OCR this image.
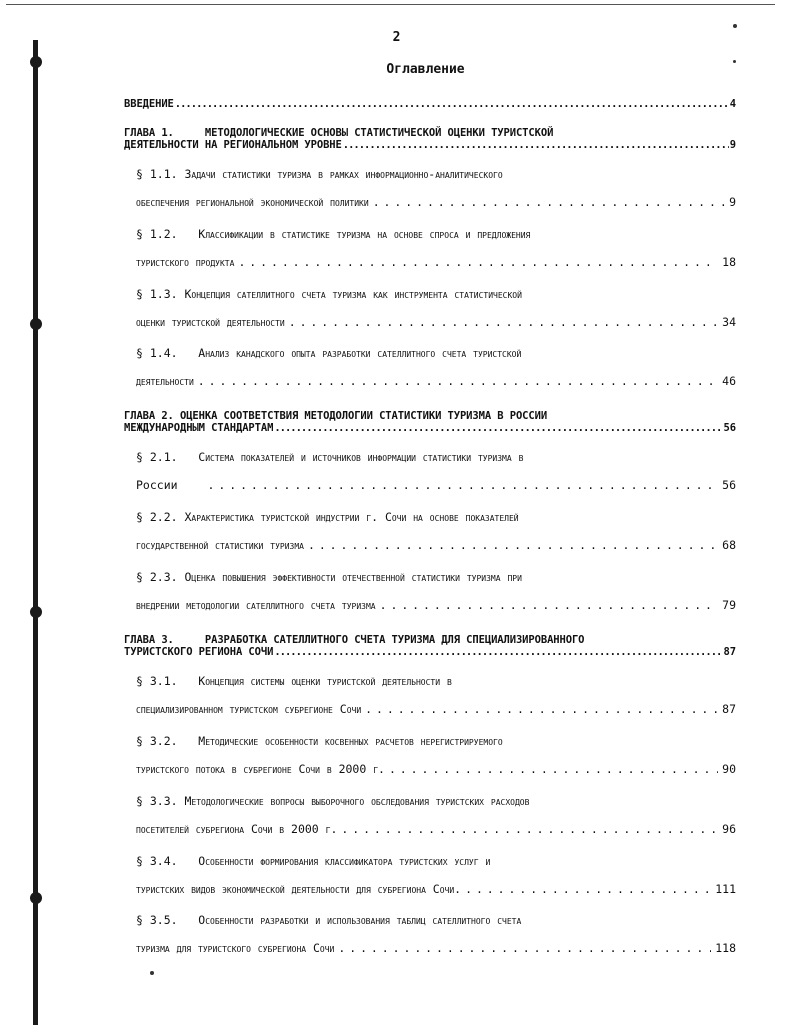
2
Оглавление
ВВЕДЕНИЕ .....	4
ГЛАВА 1.     МЕТОДОЛОГИЧЕСКИЕ ОСНОВЫ СТАТИСТИЧЕСКОЙ ОЦЕНКИ ТУРИСТСКОЙ
ДЕЯТЕЛЬНОСТИ НА РЕГИОНАЛЬНОМ УРОВНЕ .....	9
§ 1.1. Задачи статистики туризма в рамках информационно-аналитического
обеспечения региональной экономической политики . . .	9
§ 1.2.   Классификации в статистике туризма на основе спроса и предложения
туристского продукта . . .	18
§ 1.3. Концепция сателлитного счета туризма как инструмента статистической
оценки туристской деятельности . . .	34
§ 1.4.   Анализ канадского опыта разработки сателлитного счета туристской
деятельности . . .	46
ГЛАВА 2. ОЦЕНКА СООТВЕТСТВИЯ МЕТОДОЛОГИИ СТАТИСТИКИ ТУРИЗМА В РОССИИ
МЕЖДУНАРОДНЫМ СТАНДАРТАМ .....	56
§ 2.1.   Система показателей и источников информации статистики туризма в
России . . .	56
§ 2.2. Характеристика туристской индустрии г. Сочи на основе показателей
государственной статистики туризма . . .	68
§ 2.3. Оценка повышения эффективности отечественной статистики туризма при
внедрении методологии сателлитного счета туризма . . .	79
ГЛАВА 3.     РАЗРАБОТКА САТЕЛЛИТНОГО СЧЕТА ТУРИЗМА ДЛЯ СПЕЦИАЛИЗИРОВАННОГО
ТУРИСТСКОГО РЕГИОНА СОЧИ .....	87
§ 3.1.   Концепция системы оценки туристской деятельности в
специализированном туристском субрегионе Сочи . . .	87
§ 3.2.   Методические особенности косвенных расчетов нерегистрируемого
туристского потока в субрегионе Сочи в 2000 г. . . .	90
§ 3.3. Методологические вопросы выборочного обследования туристских расходов
посетителей субрегиона Сочи в 2000 г. . . .	96
§ 3.4.   Особенности формирования классификатора туристских услуг и
туристских видов экономической деятельности для субрегиона Сочи. . . .	111
§ 3.5.   Особенности разработки и использования таблиц сателлитного счета
туризма для туристского субрегиона Сочи . . .	118
